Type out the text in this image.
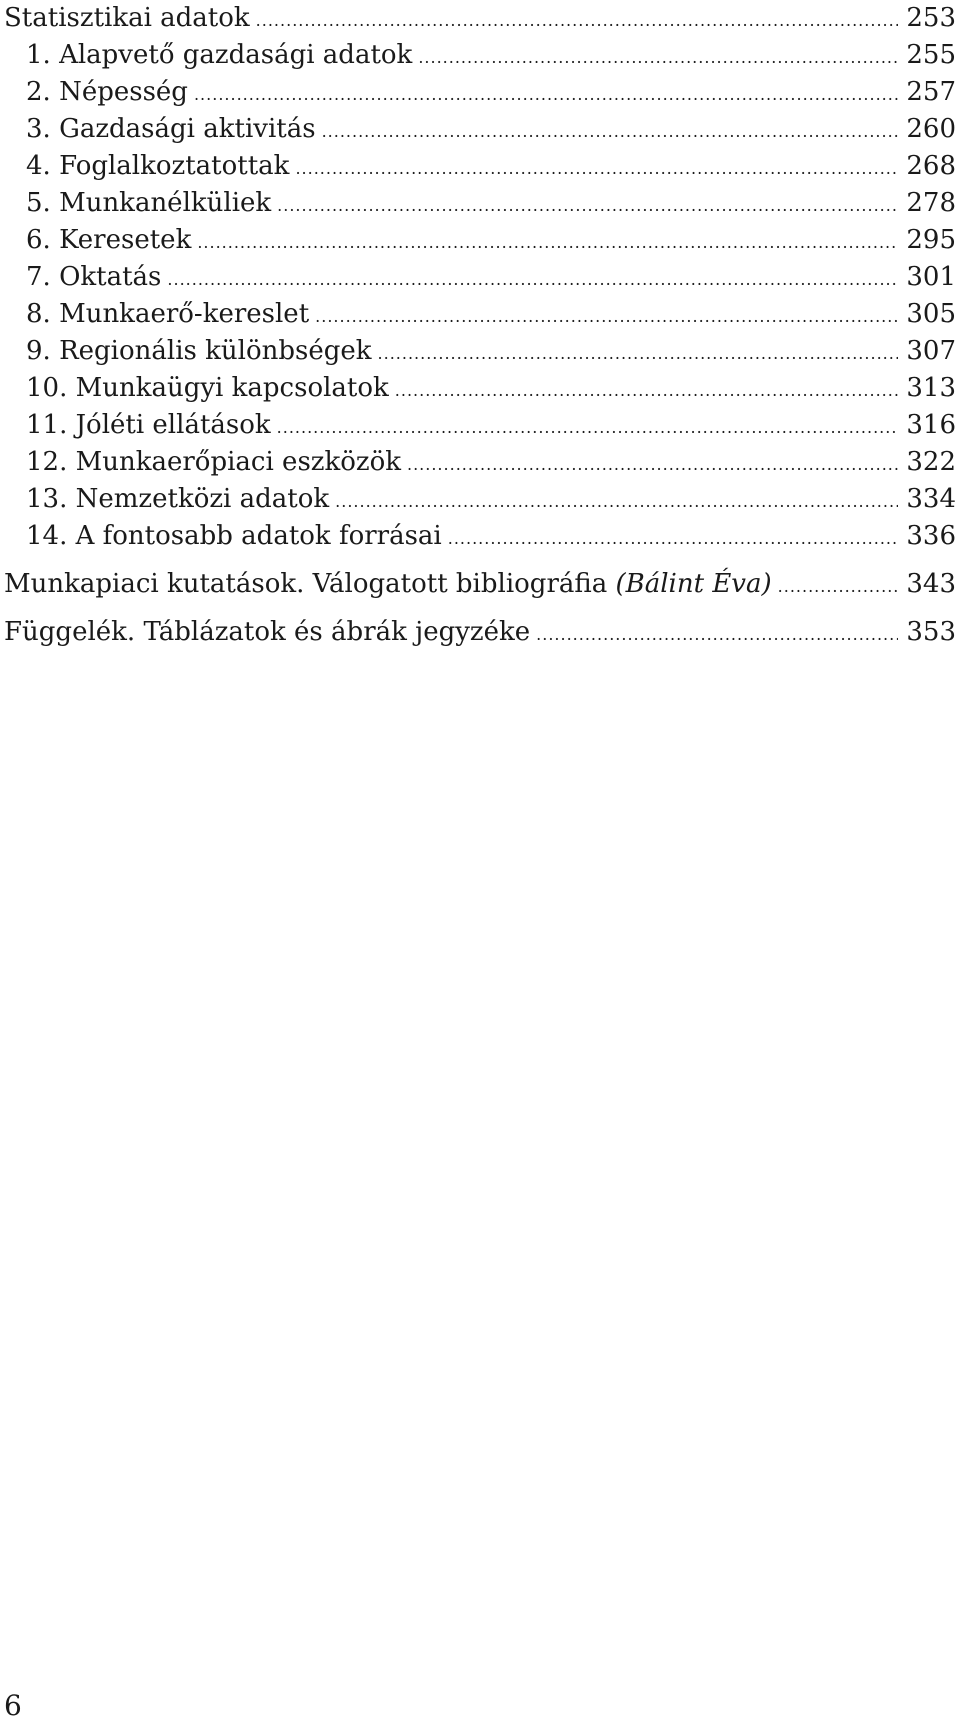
Statisztikai adatok .....	253
1. Alapvető gazdasági adatok .....	255
2. Népesség .....	257
3. Gazdasági aktivitás .....	260
4. Foglalkoztatottak .....	268
5. Munkanélküliek .....	278
6. Keresetek .....	295
7. Oktatás .....	301
8. Munkaerő-kereslet .....	305
9. Regionális különbségek .....	307
10. Munkaügyi kapcsolatok .....	313
11. Jóléti ellátások .....	316
12. Munkaerőpiaci eszközök .....	322
13. Nemzetközi adatok .....	334
14. A fontosabb adatok forrásai .....	336
Munkapiaci kutatások. Válogatott bibliográfia (Bálint Éva) .....	343
Függelék. Táblázatok és ábrák jegyzéke .....	353
6
